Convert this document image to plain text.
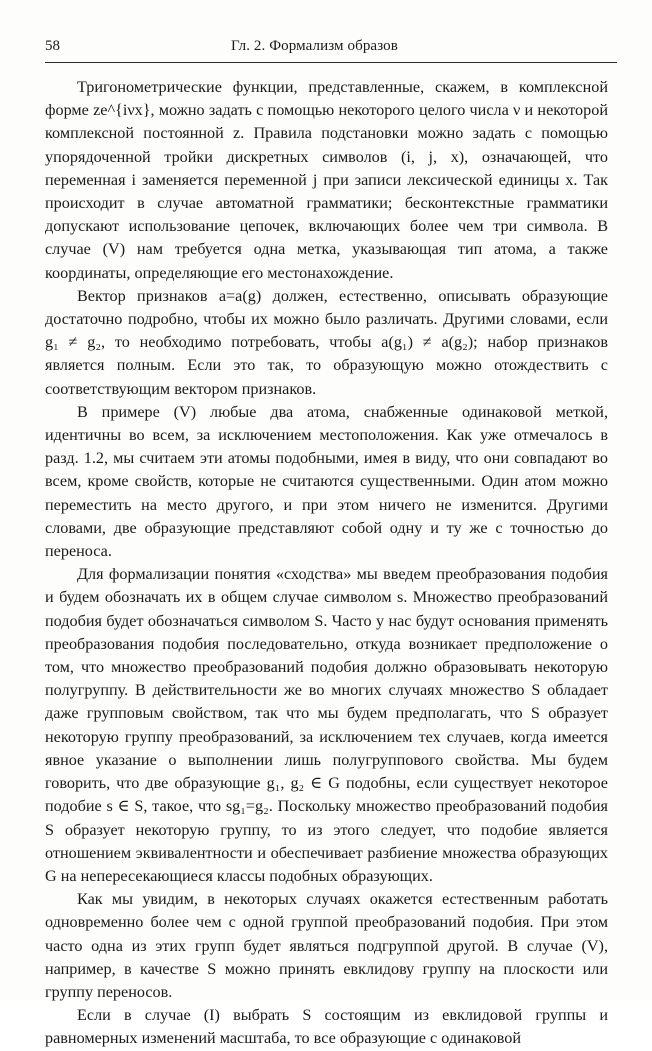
58	Гл. 2. Формализм образов

Тригонометрические функции, представленные, скажем, в комплексной форме ze^{iνx}, можно задать с помощью некоторого целого числа ν и некоторой комплексной постоянной z. Правила подстановки можно задать с помощью упорядоченной тройки дискретных символов (i, j, x), означающей, что переменная i заменяется переменной j при записи лексической единицы x. Так происходит в случае автоматной грамматики; бесконтекстные грамматики допускают использование цепочек, включающих более чем три символа. В случае (V) нам требуется одна метка, указывающая тип атома, а также координаты, определяющие его местонахождение.

Вектор признаков a=a(g) должен, естественно, описывать образующие достаточно подробно, чтобы их можно было различать. Другими словами, если g₁ ≠ g₂, то необходимо потребовать, чтобы a(g₁) ≠ a(g₂); набор признаков является полным. Если это так, то образующую можно отождествить с соответствующим вектором признаков.

В примере (V) любые два атома, снабженные одинаковой меткой, идентичны во всем, за исключением местоположения. Как уже отмечалось в разд. 1.2, мы считаем эти атомы подобными, имея в виду, что они совпадают во всем, кроме свойств, которые не считаются существенными. Один атом можно переместить на место другого, и при этом ничего не изменится. Другими словами, две образующие представляют собой одну и ту же с точностью до переноса.

Для формализации понятия «сходства» мы введем преобразования подобия и будем обозначать их в общем случае символом s. Множество преобразований подобия будет обозначаться символом S. Часто у нас будут основания применять преобразования подобия последовательно, откуда возникает предположение о том, что множество преобразований подобия должно образовывать некоторую полугруппу. В действительности же во многих случаях множество S обладает даже групповым свойством, так что мы будем предполагать, что S образует некоторую группу преобразований, за исключением тех случаев, когда имеется явное указание о выполнении лишь полугруппового свойства. Мы будем говорить, что две образующие g₁, g₂ ∈ G подобны, если существует некоторое подобие s ∈ S, такое, что sg₁=g₂. Поскольку множество преобразований подобия S образует некоторую группу, то из этого следует, что подобие является отношением эквивалентности и обеспечивает разбиение множества образующих G на непересекающиеся классы подобных образующих.

Как мы увидим, в некоторых случаях окажется естественным работать одновременно более чем с одной группой преобразований подобия. При этом часто одна из этих групп будет являться подгруппой другой. В случае (V), например, в качестве S можно принять евклидову группу на плоскости или группу переносов.

Если в случае (I) выбрать S состоящим из евклидовой группы и равномерных изменений масштаба, то все образующие с одинаковой
